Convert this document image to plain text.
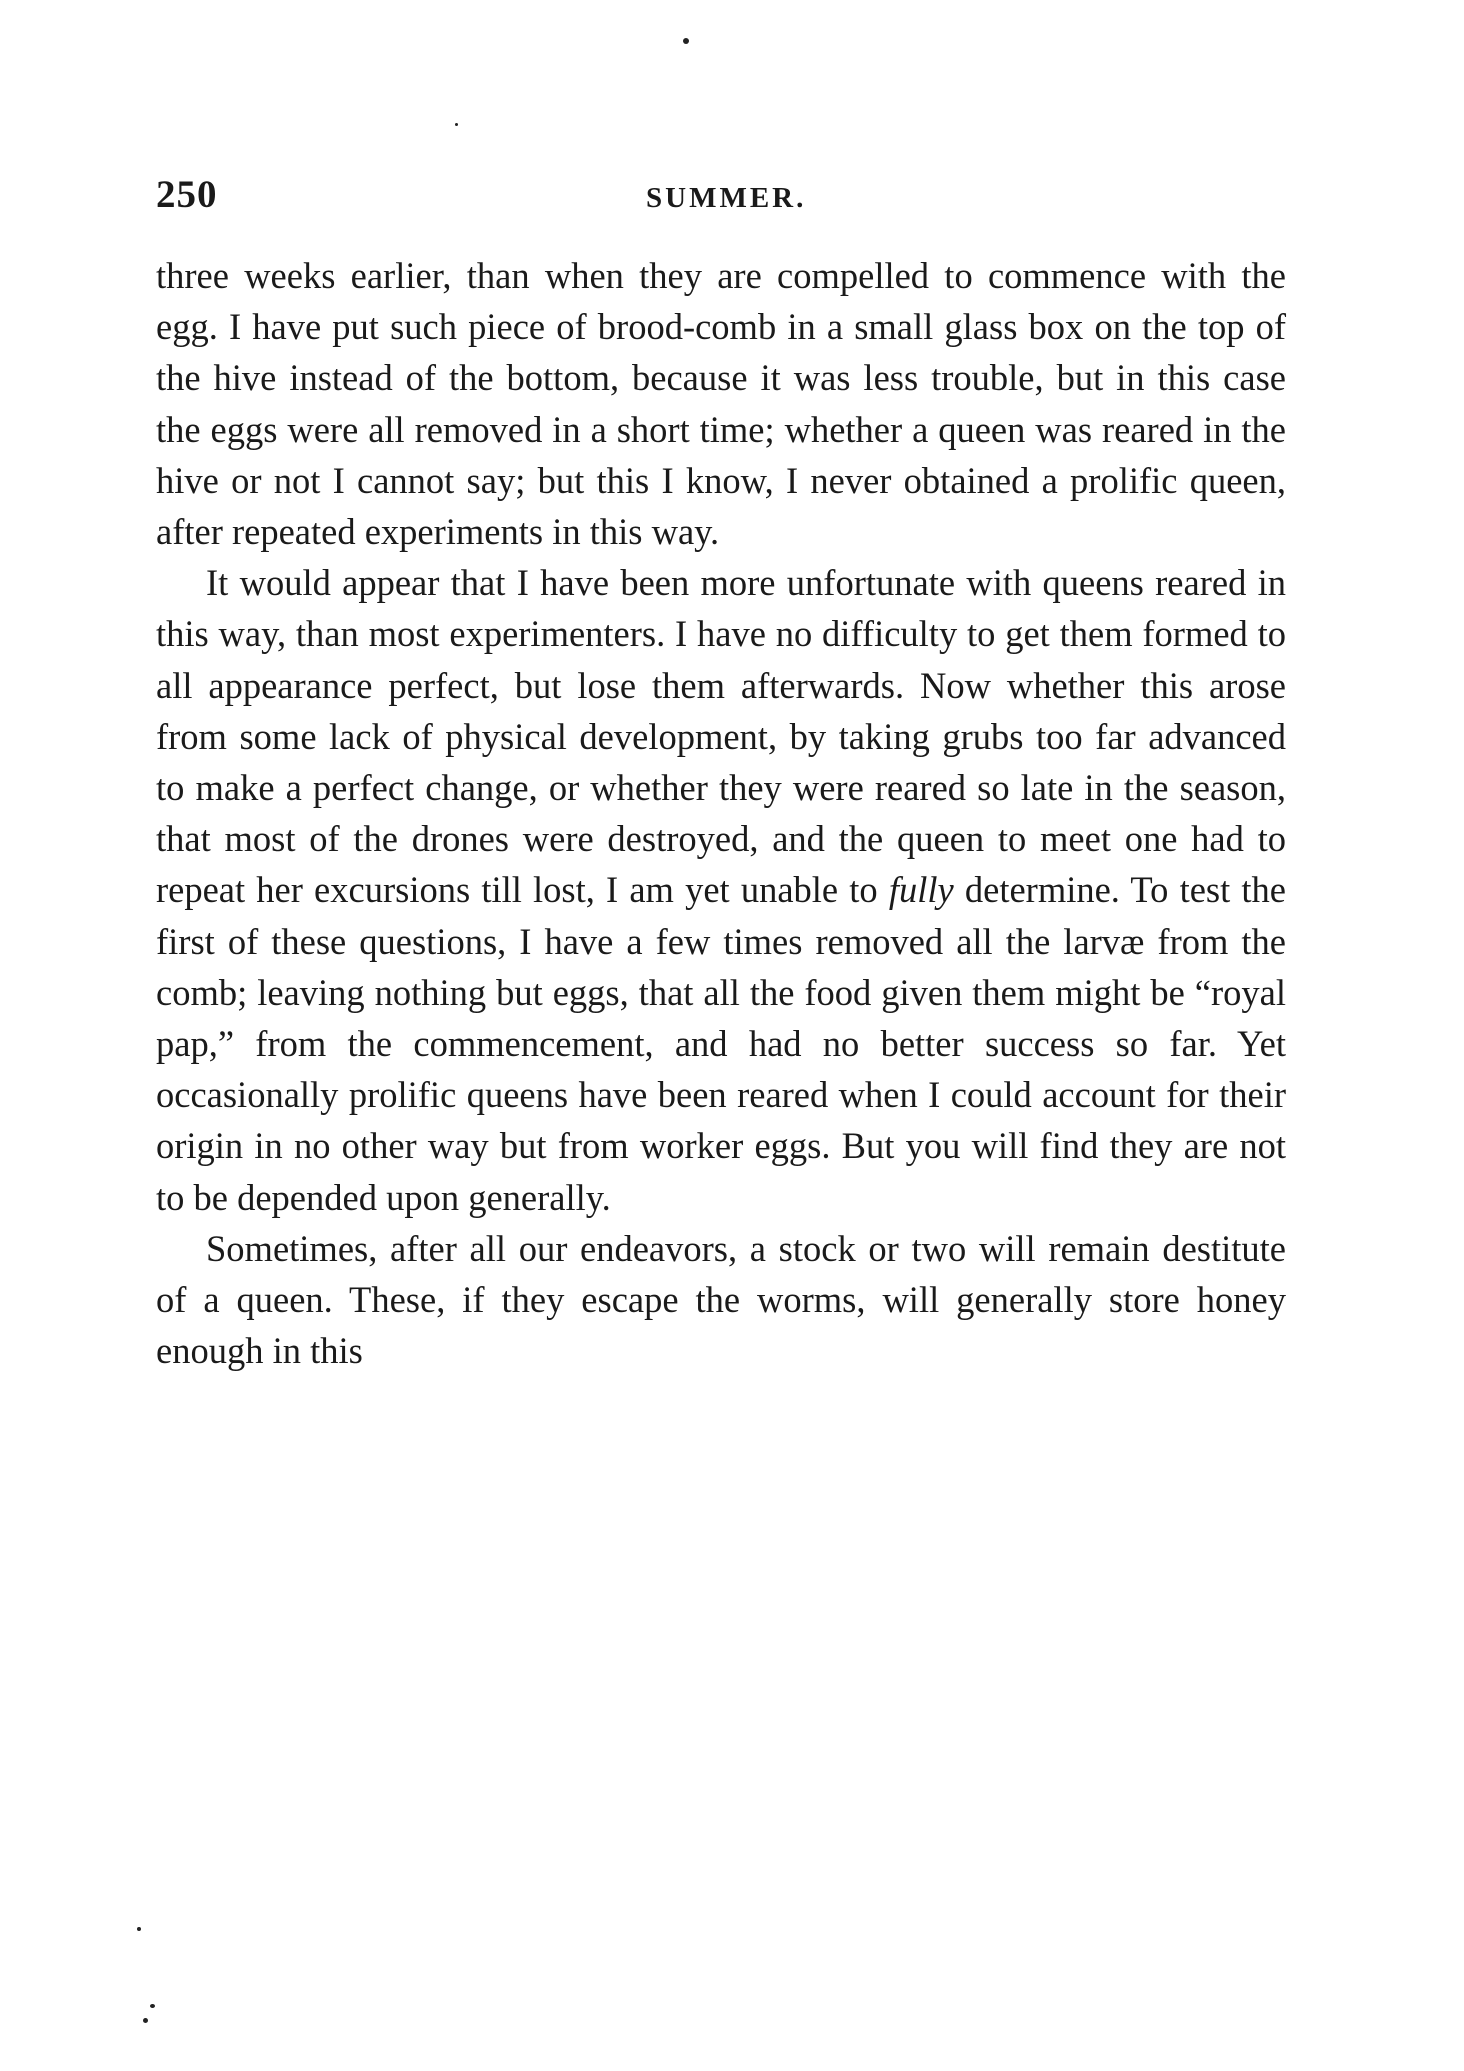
250	SUMMER.

three weeks earlier, than when they are compelled to commence with the egg. I have put such piece of brood-comb in a small glass box on the top of the hive instead of the bottom, because it was less trouble, but in this case the eggs were all removed in a short time; whether a queen was reared in the hive or not I cannot say; but this I know, I never obtained a prolific queen, after repeated experiments in this way.

It would appear that I have been more unfortunate with queens reared in this way, than most experimenters. I have no difficulty to get them formed to all appearance perfect, but lose them afterwards. Now whether this arose from some lack of physical development, by taking grubs too far advanced to make a perfect change, or whether they were reared so late in the season, that most of the drones were destroyed, and the queen to meet one had to repeat her excursions till lost, I am yet unable to fully determine. To test the first of these questions, I have a few times removed all the larvæ from the comb; leaving nothing but eggs, that all the food given them might be “royal pap,” from the commencement, and had no better success so far. Yet occasionally prolific queens have been reared when I could account for their origin in no other way but from worker eggs. But you will find they are not to be depended upon generally.

Sometimes, after all our endeavors, a stock or two will remain destitute of a queen. These, if they escape the worms, will generally store honey enough in this
